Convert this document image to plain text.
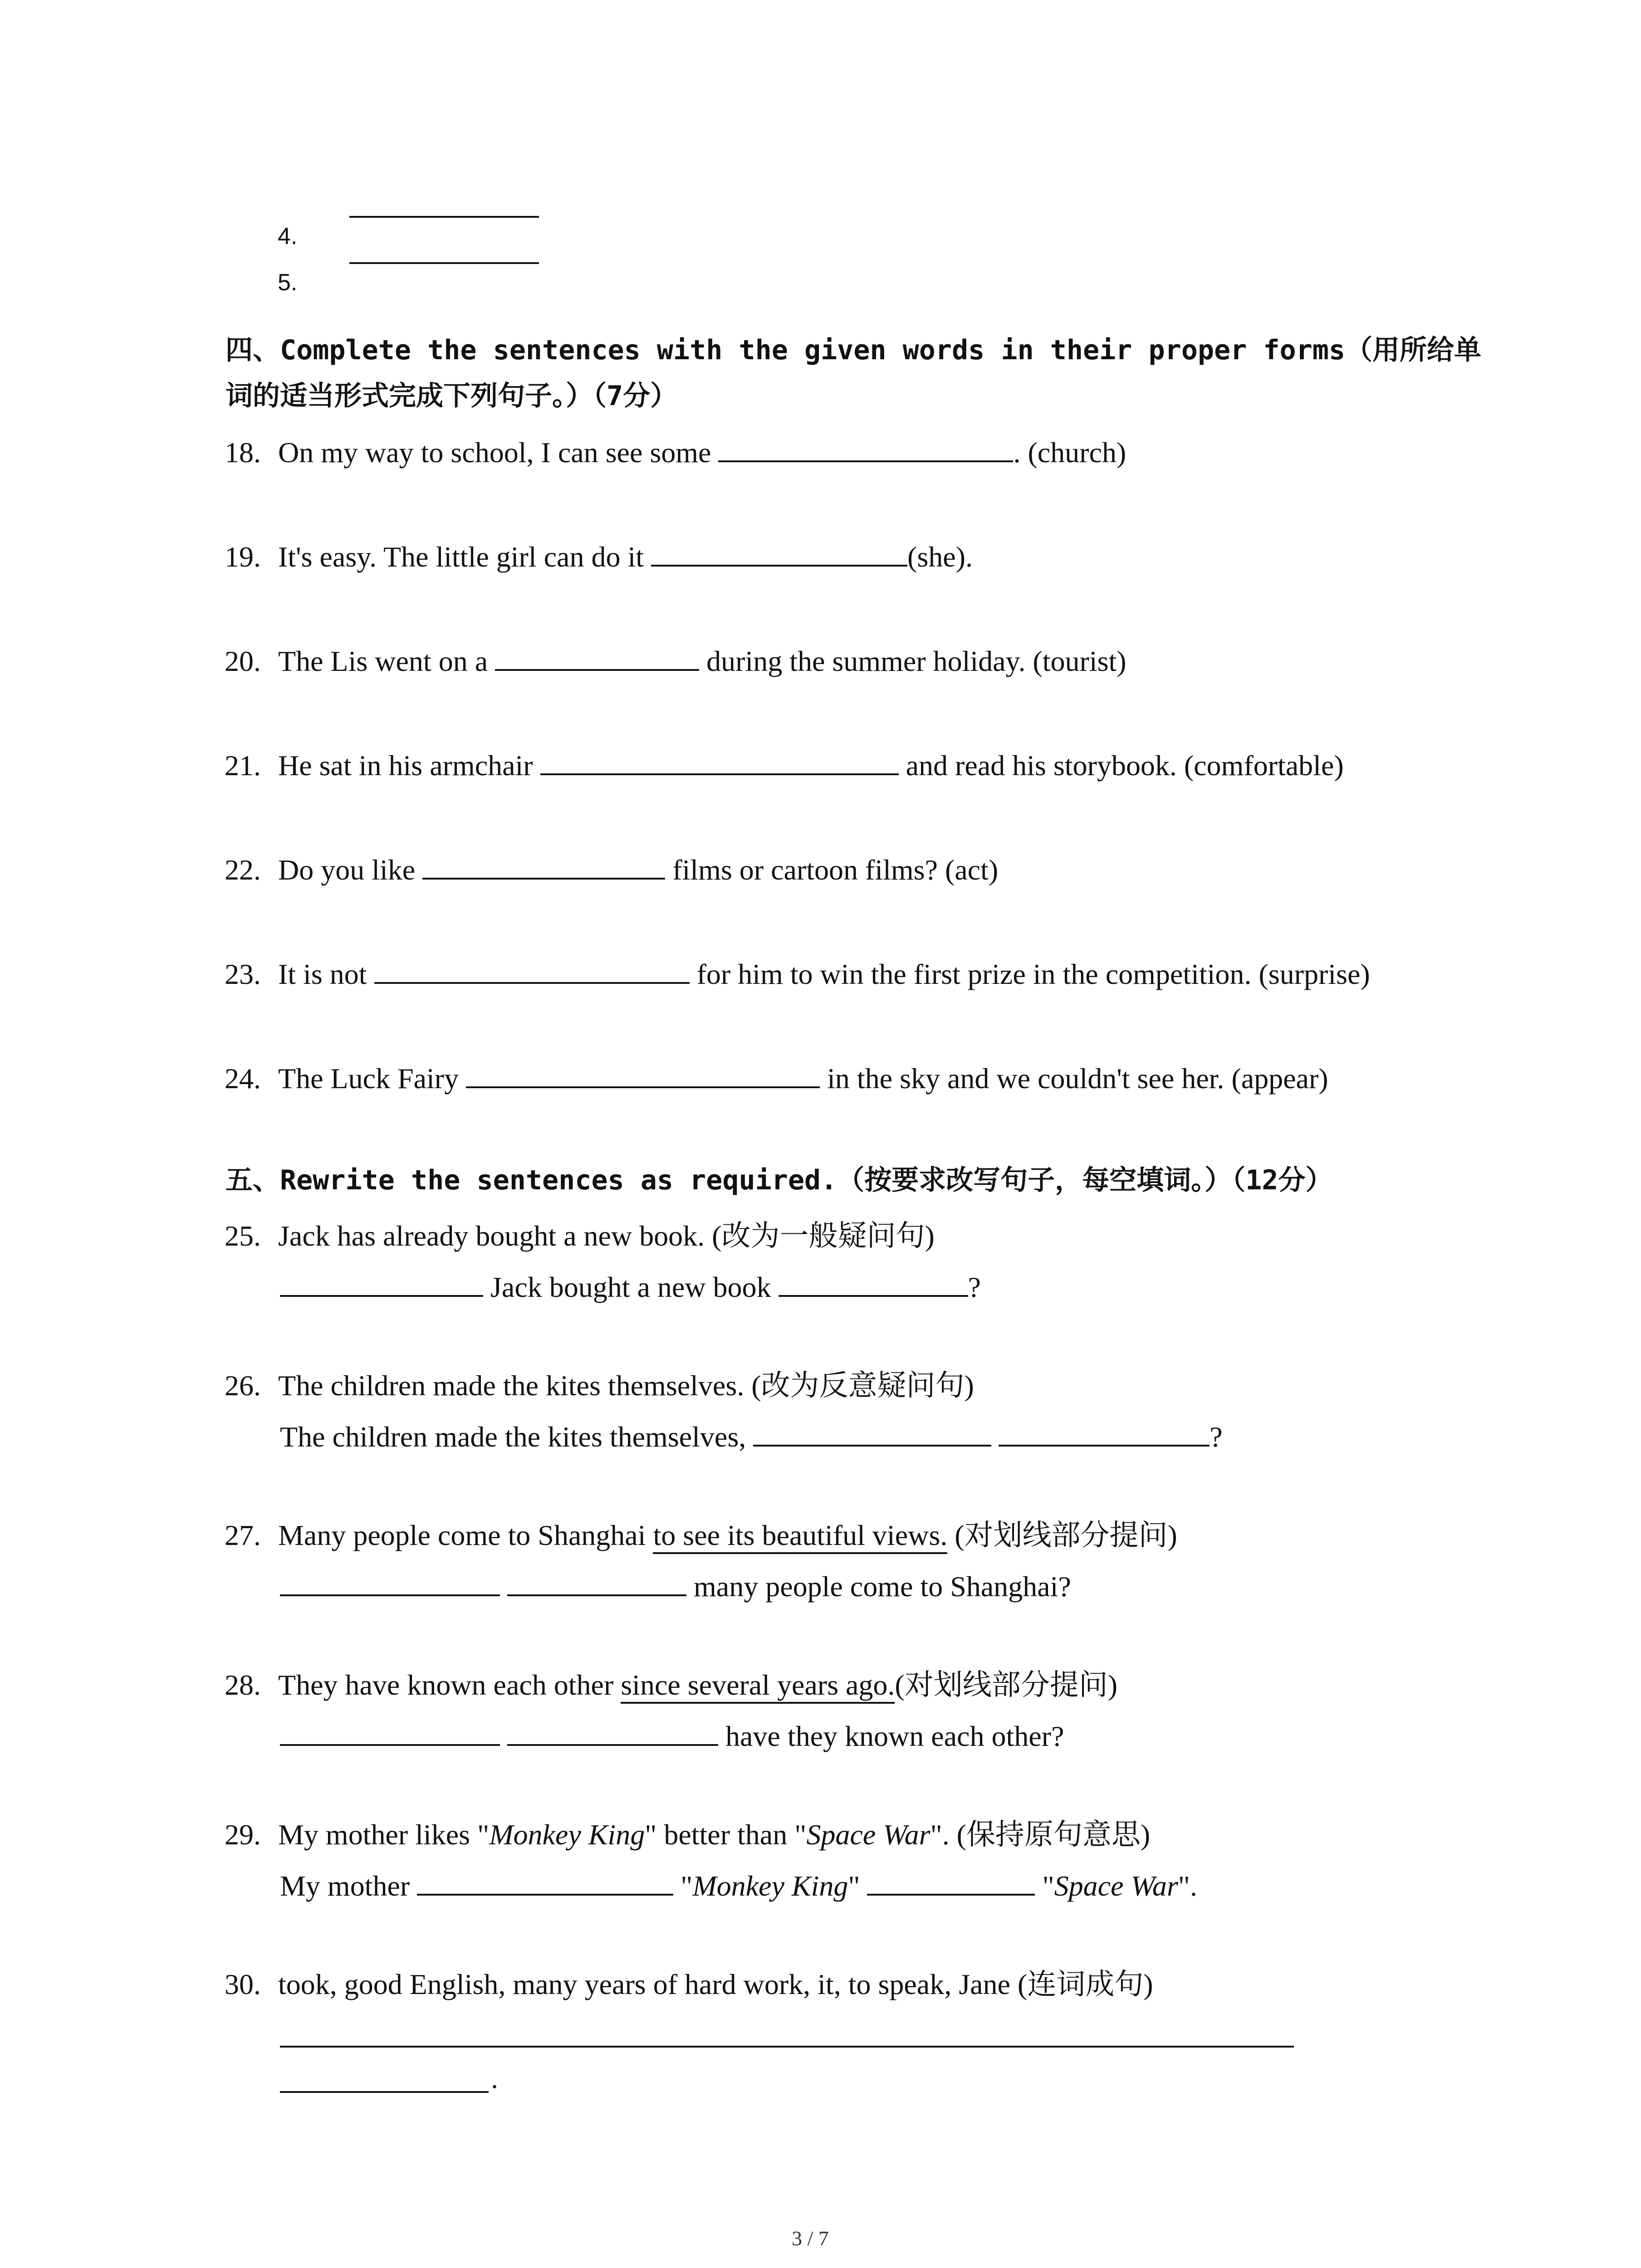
4.
5.
四、Complete the sentences with the given words in their proper forms（用所给单
词的适当形式完成下列句子。）（7分）
18. On my way to school, I can see some	. (church)
19. It's easy. The little girl can do it	(she).
20. The Lis went on a	during the summer holiday. (tourist)
21. He sat in his armchair	and read his storybook. (comfortable)
22. Do you like	films or cartoon films? (act)
23. It is not	for him to win the first prize in the competition. (surprise)
24. The Luck Fairy	in the sky and we couldn't see her. (appear)
五、Rewrite the sentences as required.（按要求改写句子，每空填词。）（12分）
25. Jack has already bought a new book. (改为一般疑问句)
Jack bought a new book	?
26. The children made the kites themselves. (改为反意疑问句)
The children made the kites themselves,	?
27. Many people come to Shanghai to see its beautiful views. (对划线部分提问)
many people come to Shanghai?
28. They have known each other since several years ago.(对划线部分提问)
have they known each other?
29. My mother likes "Monkey King" better than "Space War". (保持原句意思)
My mother	"Monkey King"	"Space War".
30. took, good English, many years of hard work, it, to speak, Jane (连词成句)
.
3 / 7
